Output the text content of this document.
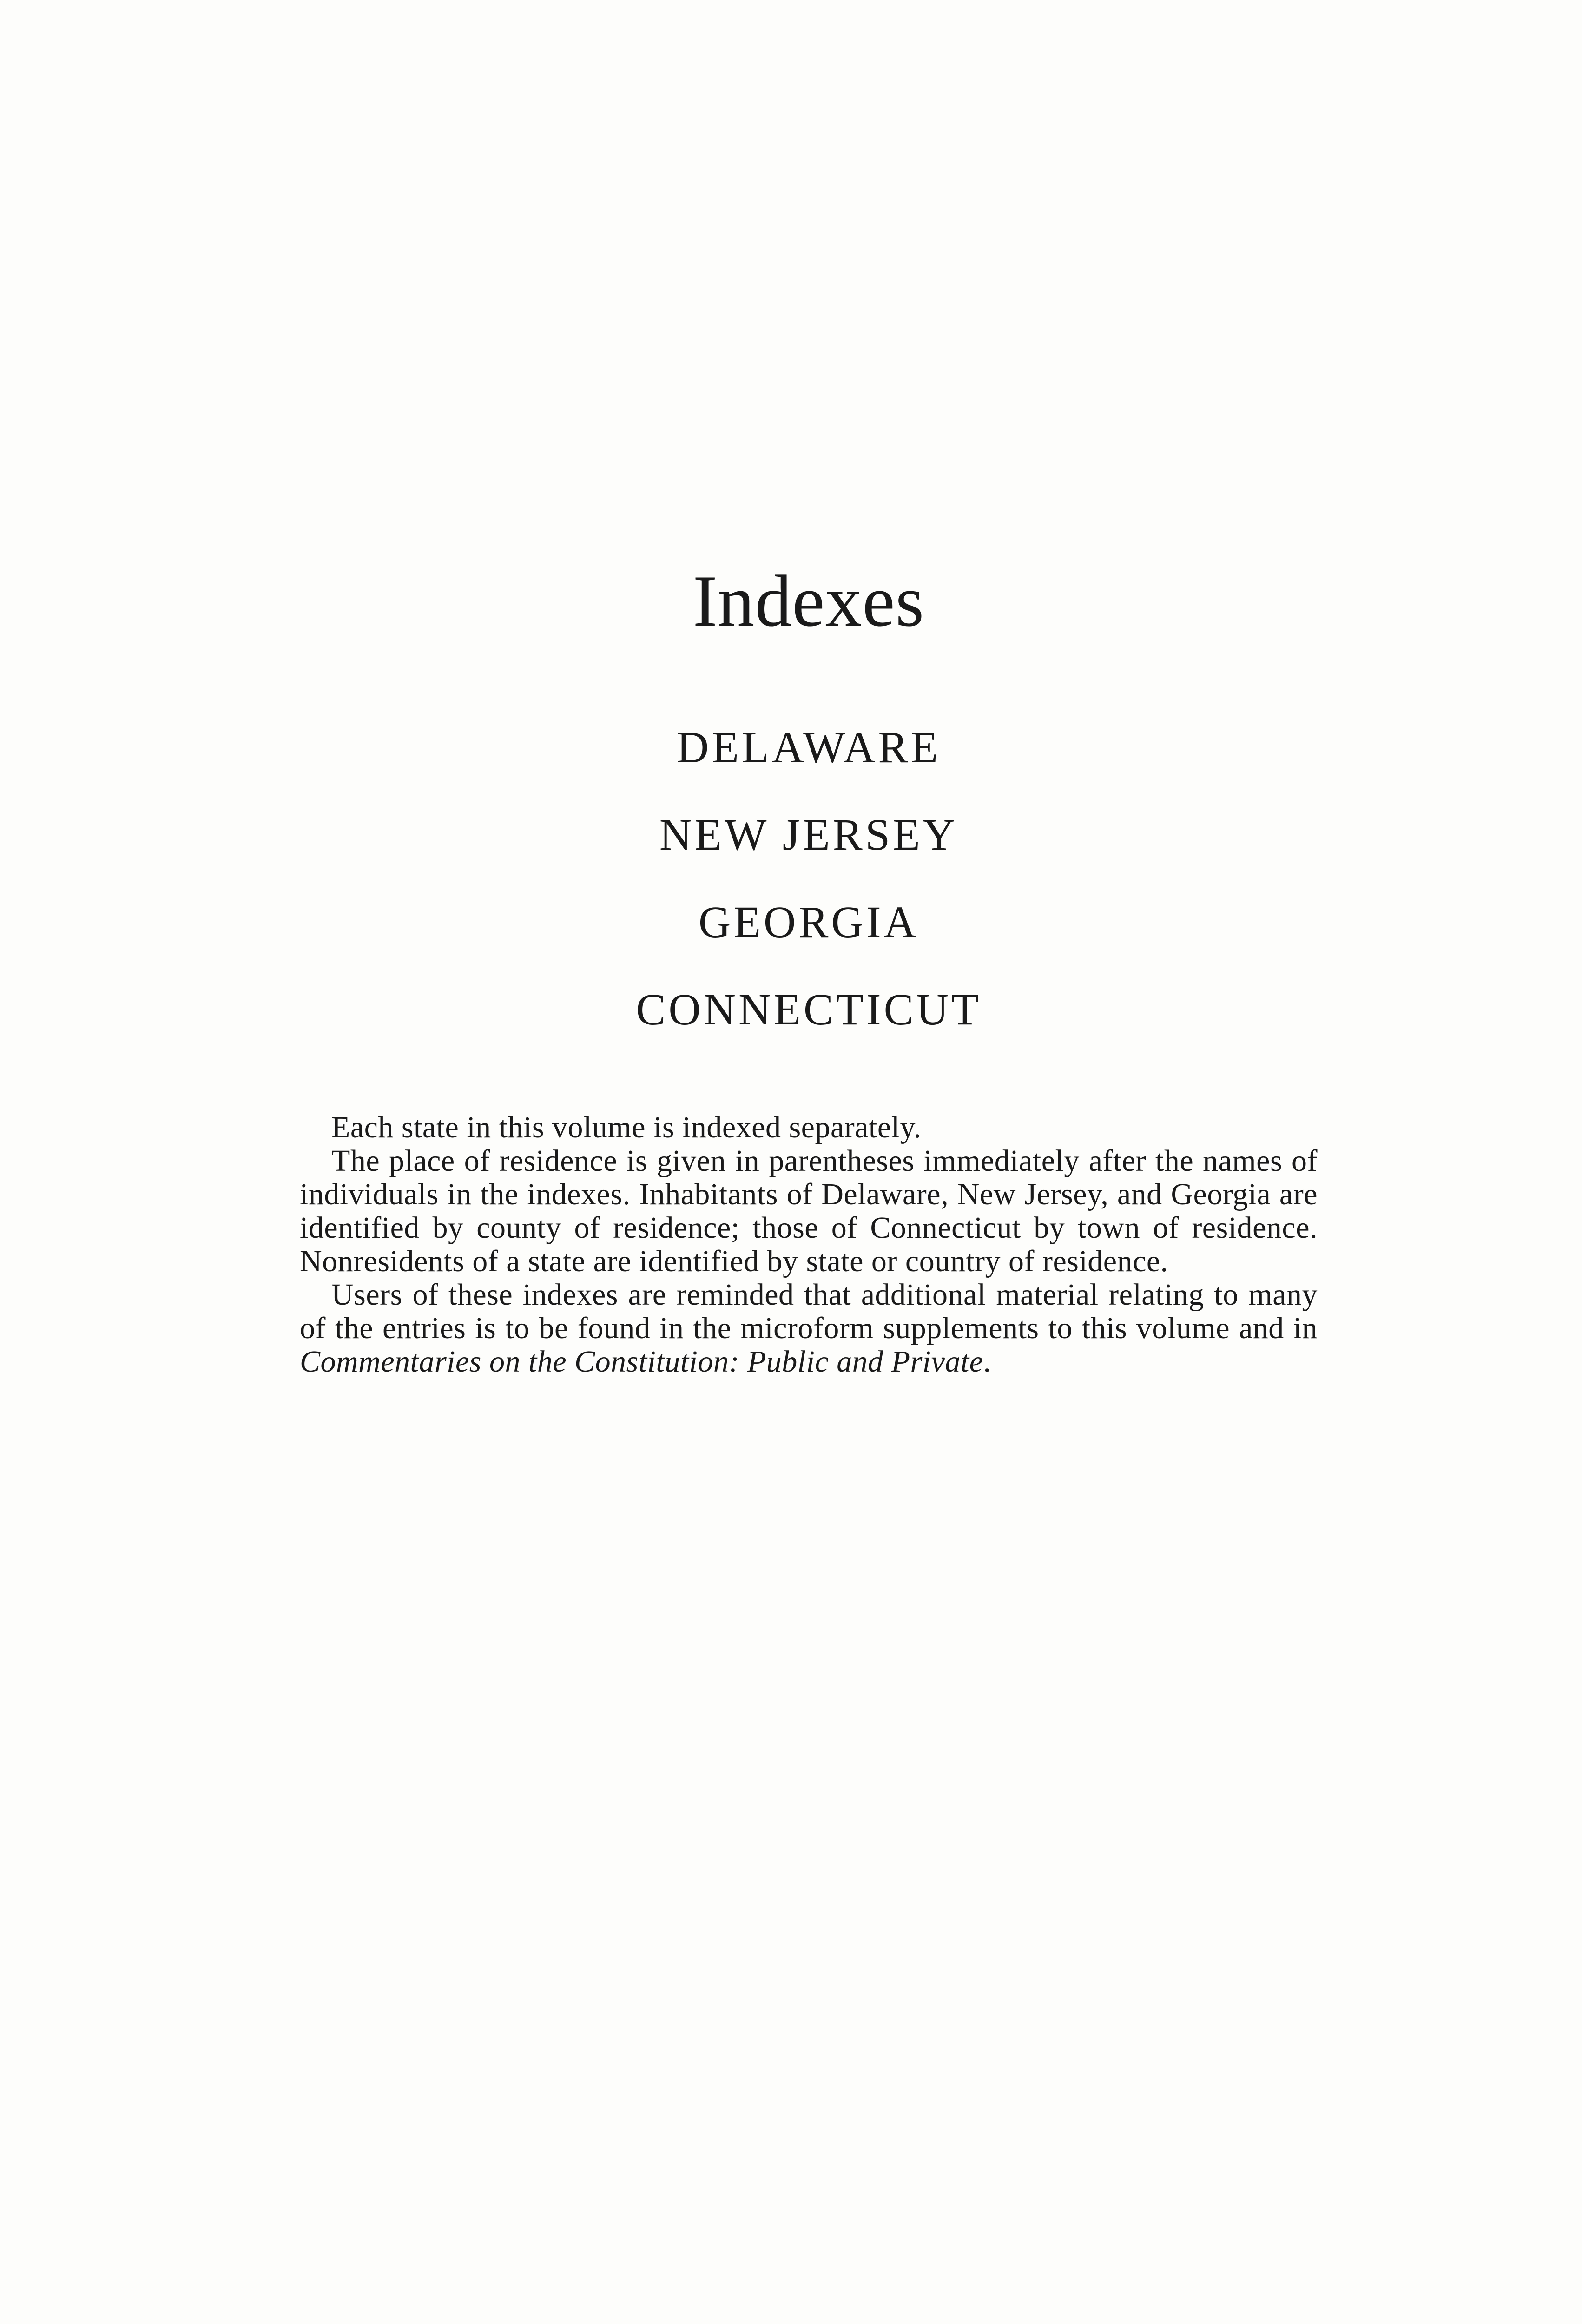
Indexes
DELAWARE
NEW JERSEY
GEORGIA
CONNECTICUT

Each state in this volume is indexed separately.

The place of residence is given in parentheses immediately after the names of individuals in the indexes. Inhabitants of Delaware, New Jersey, and Georgia are identified by county of residence; those of Connecticut by town of residence. Nonresidents of a state are identified by state or country of residence.

Users of these indexes are reminded that additional material relating to many of the entries is to be found in the microform supplements to this volume and in Commentaries on the Constitution: Public and Private.
